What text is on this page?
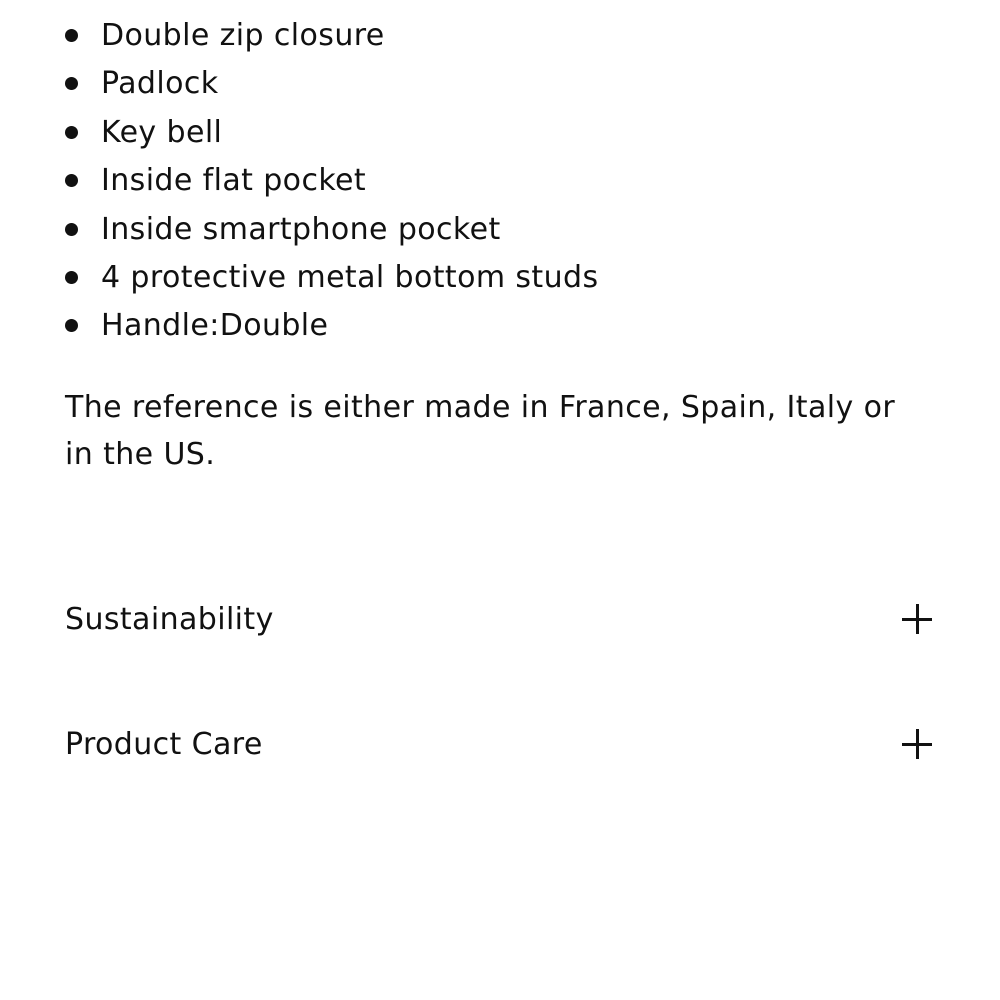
Double zip closure
Padlock
Key bell
Inside flat pocket
Inside smartphone pocket
4 protective metal bottom studs
Handle:Double

The reference is either made in France, Spain, Italy or in the US.

Sustainability
Product Care
